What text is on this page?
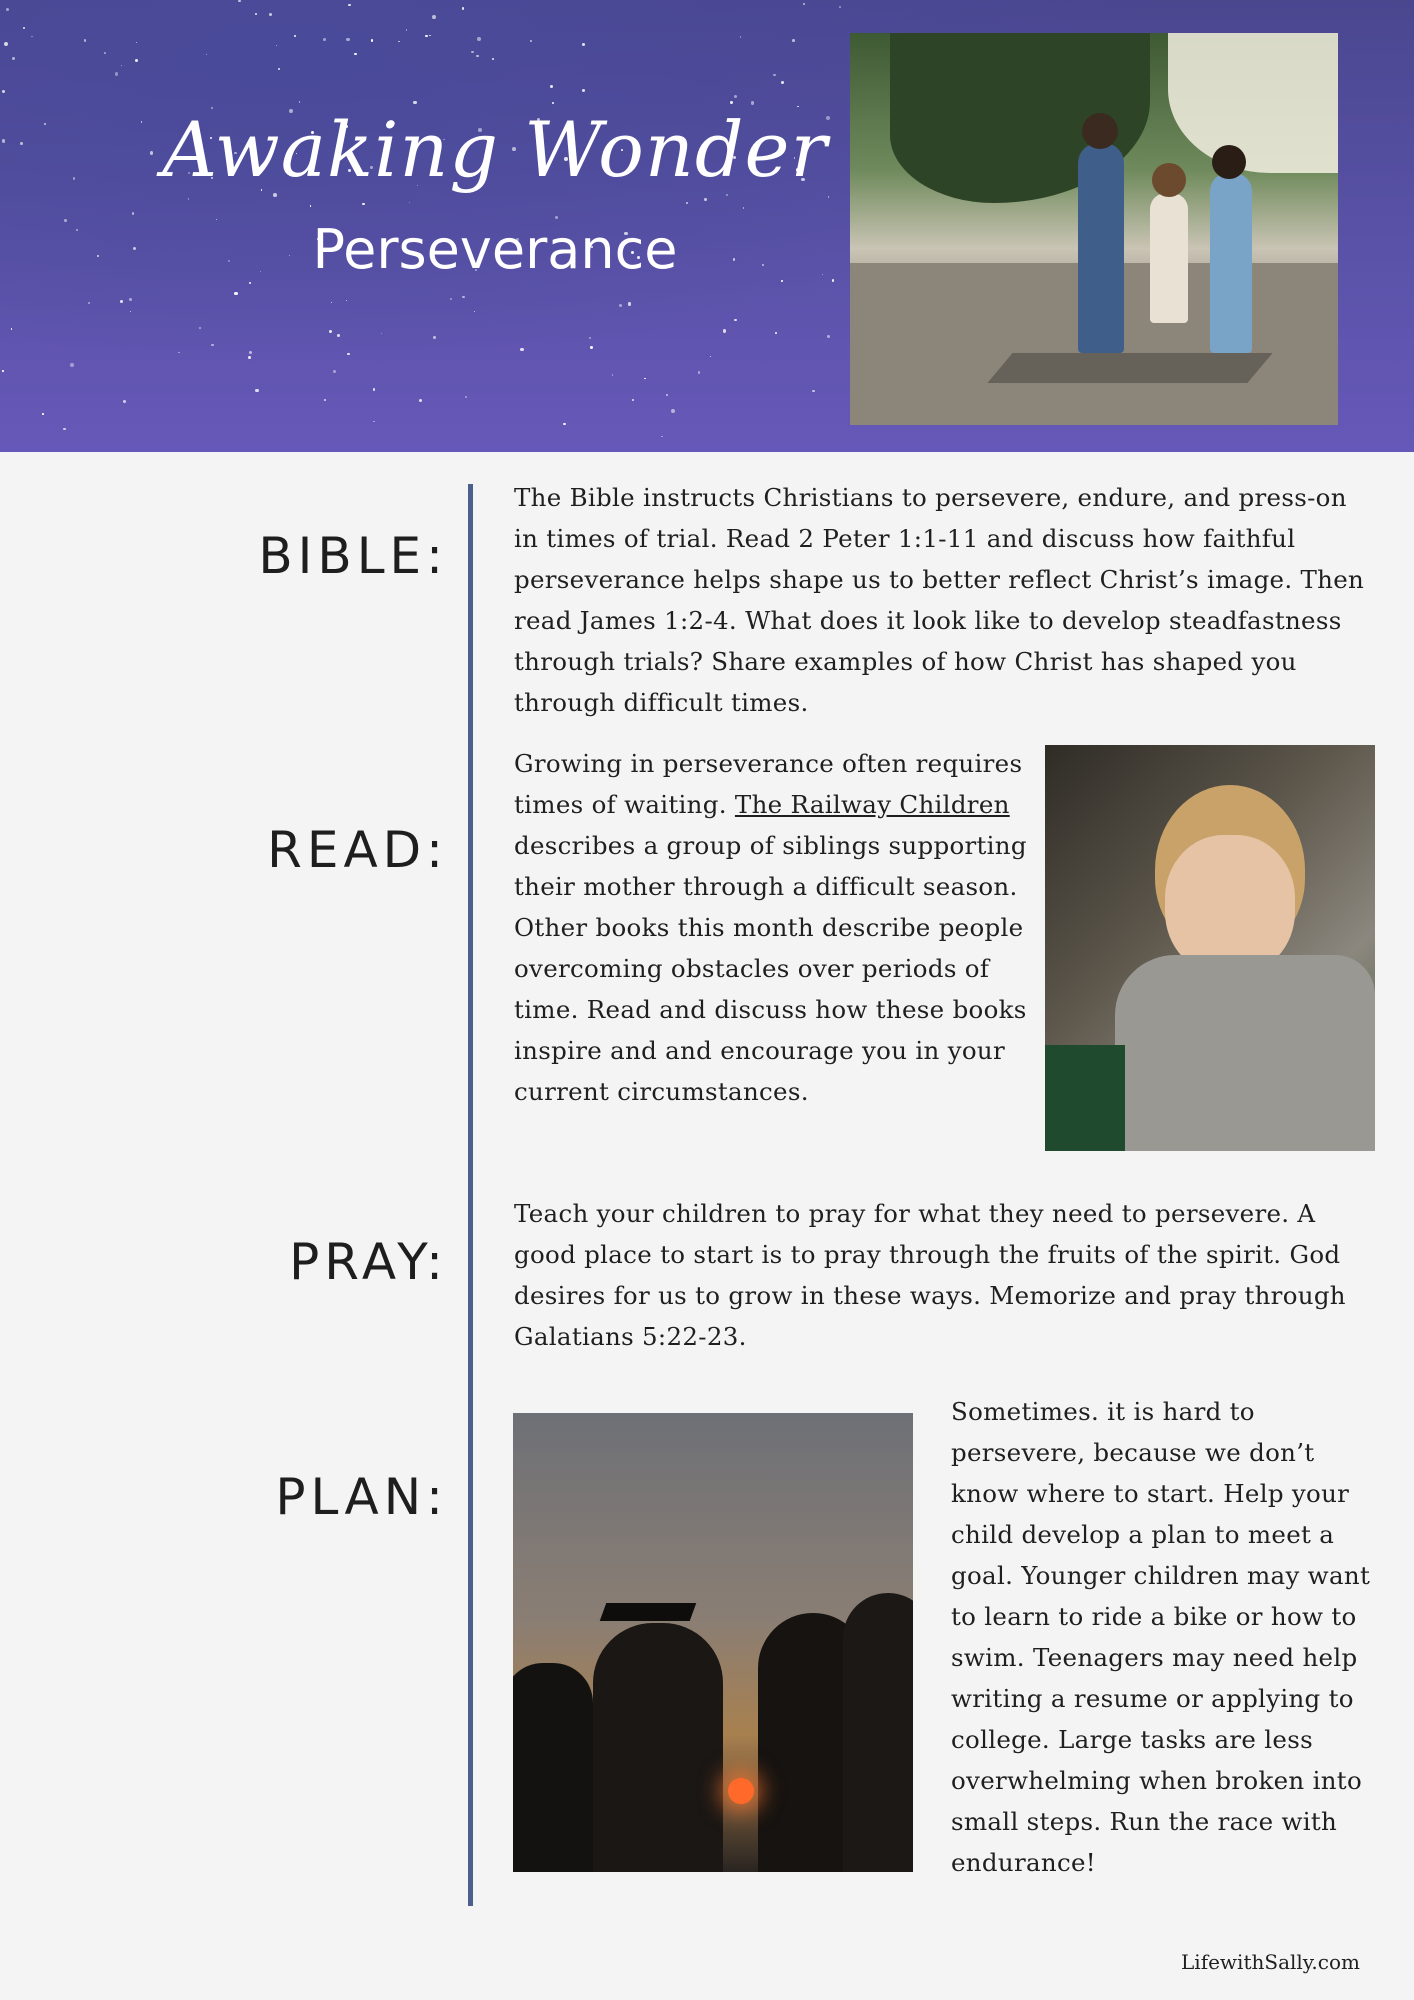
Awaking Wonder
Perseverance
BIBLE:

The Bible instructs Christians to persevere, endure, and press-on in times of trial. Read 2 Peter 1:1-11 and discuss how faithful perseverance helps shape us to better reflect Christ’s image. Then read James 1:2-4. What does it look like to develop steadfastness through trials? Share examples of how Christ has shaped you through difficult times.

READ:

Growing in perseverance often requires times of waiting. The Railway Children describes a group of siblings supporting their mother through a difficult season. Other books this month describe people overcoming obstacles over periods of time. Read and discuss how these books inspire and and encourage you in your current circumstances.

PRAY:

Teach your children to pray for what they need to persevere. A good place to start is to pray through the fruits of the spirit. God desires for us to grow in these ways. Memorize and pray through Galatians 5:22-23.

PLAN:

Sometimes. it is hard to persevere, because we don’t know where to start. Help your child develop a plan to meet a goal. Younger children may want to learn to ride a bike or how to swim. Teenagers may need help writing a resume or applying to college. Large tasks are less overwhelming when broken into small steps. Run the race with endurance!

LifewithSally.com
